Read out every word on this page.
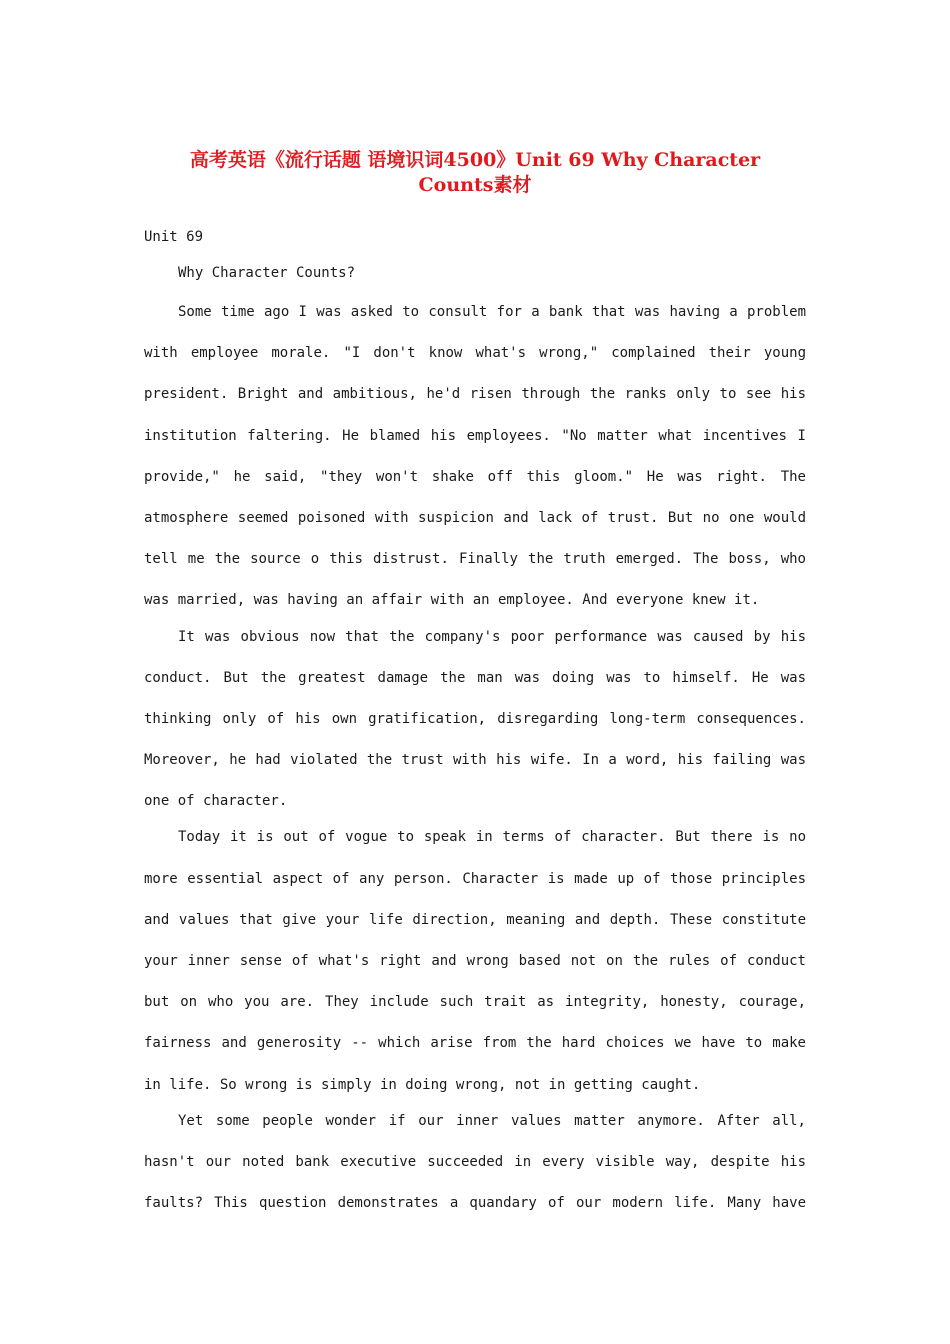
高考英语《流行话题 语境识词4500》Unit 69 Why Character
Counts素材
Unit 69
Why Character Counts?
Some time ago I was asked to consult for a bank that was having a problem
with employee morale. "I don't know what's wrong," complained their young
president. Bright and ambitious, he'd risen through the ranks only to see his
institution faltering. He blamed his employees. "No matter what incentives I
provide," he said, "they won't shake off this gloom." He was right. The
atmosphere seemed poisoned with suspicion and lack of trust. But no one would
tell me the source o this distrust. Finally the truth emerged. The boss, who
was married, was having an affair with an employee. And everyone knew it.
It was obvious now that the company's poor performance was caused by his
conduct. But the greatest damage the man was doing was to himself. He was
thinking only of his own gratification, disregarding long-term consequences.
Moreover, he had violated the trust with his wife. In a word, his failing was
one of character.
Today it is out of vogue to speak in terms of character. But there is no
more essential aspect of any person. Character is made up of those principles
and values that give your life direction, meaning and depth. These constitute
your inner sense of what's right and wrong based not on the rules of conduct
but on who you are. They include such trait as integrity, honesty, courage,
fairness and generosity -- which arise from the hard choices we have to make
in life. So wrong is simply in doing wrong, not in getting caught.
Yet some people wonder if our inner values matter anymore. After all,
hasn't our noted bank executive succeeded in every visible way, despite his
faults? This question demonstrates a quandary of our modern life. Many have
